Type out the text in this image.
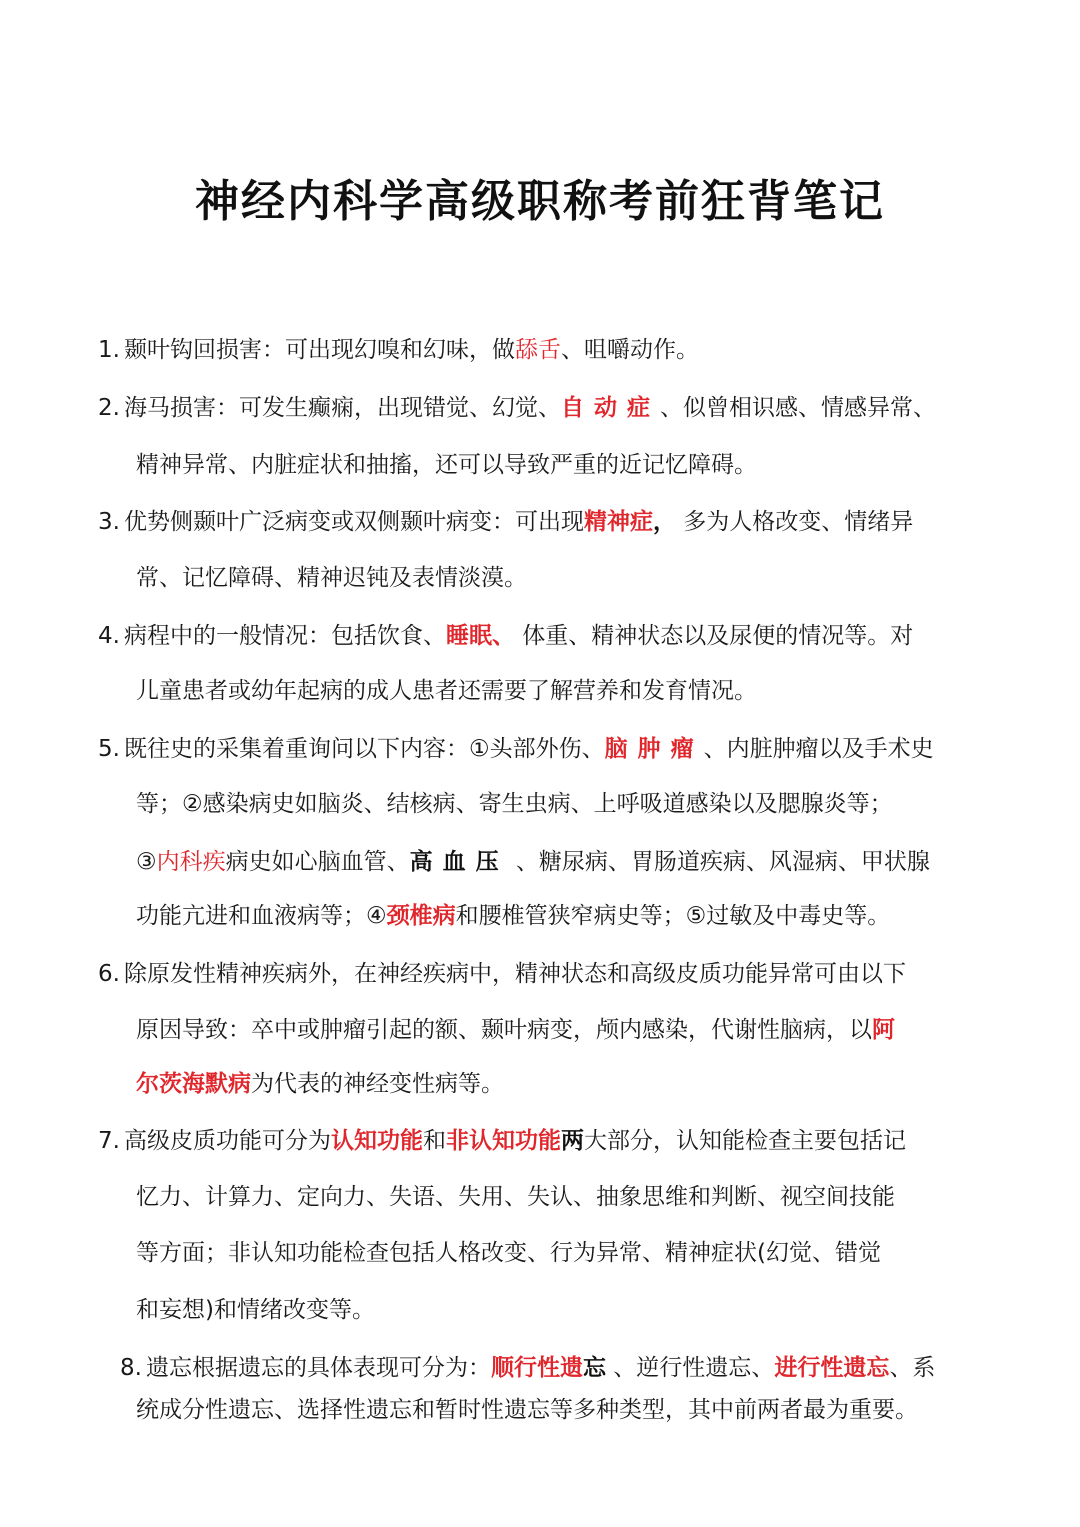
神经内科学高级职称考前狂背笔记
1. 颞叶钩回损害：可出现幻嗅和幻味，做舔舌、咀嚼动作。
2. 海马损害：可发生癫痫，出现错觉、幻觉、自动症、似曾相识感、情感异常、
精神异常、内脏症状和抽搐，还可以导致严重的近记忆障碍。
3. 优势侧颞叶广泛病变或双侧颞叶病变：可出现精神症， 多为人格改变、情绪异
常、记忆障碍、精神迟钝及表情淡漠。
4. 病程中的一般情况：包括饮食、睡眠、 体重、精神状态以及尿便的情况等。对
儿童患者或幼年起病的成人患者还需要了解营养和发育情况。
5. 既往史的采集着重询问以下内容：①头部外伤、脑肿瘤、内脏肿瘤以及手术史
等；②感染病史如脑炎、结核病、寄生虫病、上呼吸道感染以及腮腺炎等；
③内科疾病史如心脑血管、高血压 、糖尿病、胃肠道疾病、风湿病、甲状腺
功能亢进和血液病等；④颈椎病和腰椎管狭窄病史等；⑤过敏及中毒史等。
6. 除原发性精神疾病外，在神经疾病中，精神状态和高级皮质功能异常可由以下
原因导致：卒中或肿瘤引起的额、颞叶病变，颅内感染，代谢性脑病，以阿
尔茨海默病为代表的神经变性病等。
7. 高级皮质功能可分为认知功能和非认知功能两大部分，认知能检查主要包括记
忆力、计算力、定向力、失语、失用、失认、抽象思维和判断、视空间技能
等方面；非认知功能检查包括人格改变、行为异常、精神症状(幻觉、错觉
和妄想)和情绪改变等。
8. 遗忘根据遗忘的具体表现可分为：顺行性遗忘 、逆行性遗忘、进行性遗忘、系
统成分性遗忘、选择性遗忘和暂时性遗忘等多种类型，其中前两者最为重要。
